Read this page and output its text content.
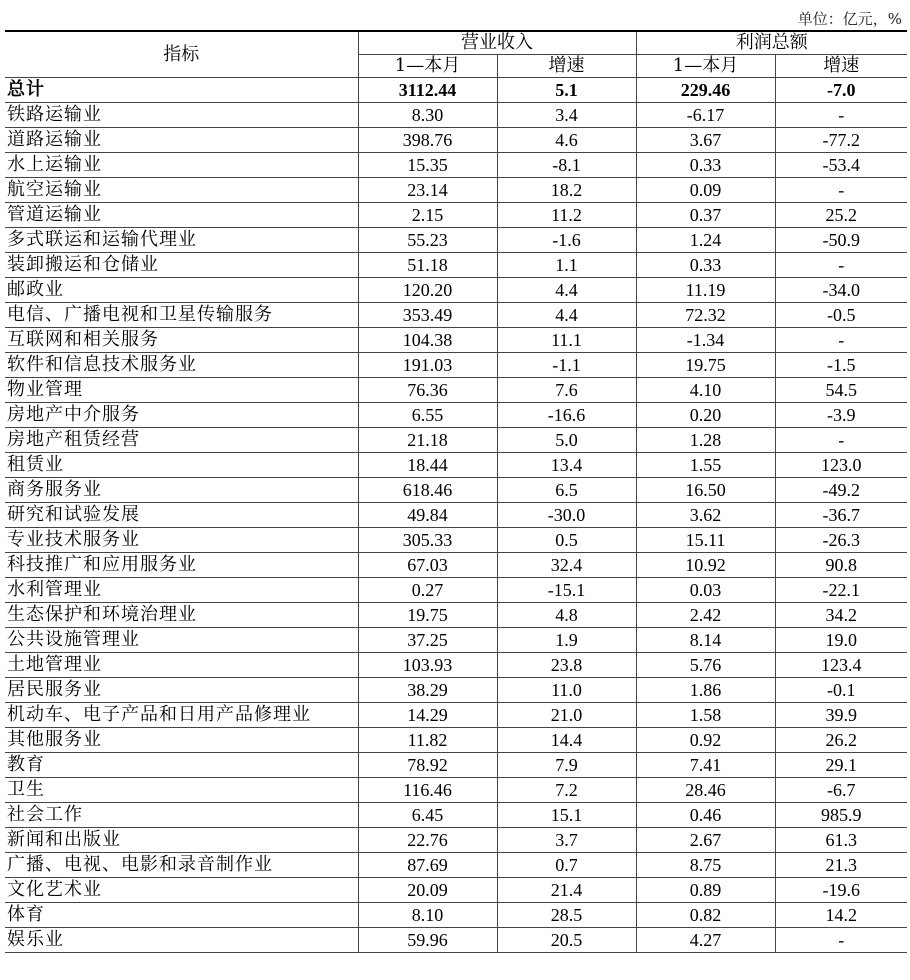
单位：亿元，%
指标	营业收入		利润总额	
	1—本月	增速	1—本月	增速
总计	3112.44	5.1	229.46	-7.0
铁路运输业	8.30	3.4	-6.17	-
道路运输业	398.76	4.6	3.67	-77.2
水上运输业	15.35	-8.1	0.33	-53.4
航空运输业	23.14	18.2	0.09	-
管道运输业	2.15	11.2	0.37	25.2
多式联运和运输代理业	55.23	-1.6	1.24	-50.9
装卸搬运和仓储业	51.18	1.1	0.33	-
邮政业	120.20	4.4	11.19	-34.0
电信、广播电视和卫星传输服务	353.49	4.4	72.32	-0.5
互联网和相关服务	104.38	11.1	-1.34	-
软件和信息技术服务业	191.03	-1.1	19.75	-1.5
物业管理	76.36	7.6	4.10	54.5
房地产中介服务	6.55	-16.6	0.20	-3.9
房地产租赁经营	21.18	5.0	1.28	-
租赁业	18.44	13.4	1.55	123.0
商务服务业	618.46	6.5	16.50	-49.2
研究和试验发展	49.84	-30.0	3.62	-36.7
专业技术服务业	305.33	0.5	15.11	-26.3
科技推广和应用服务业	67.03	32.4	10.92	90.8
水利管理业	0.27	-15.1	0.03	-22.1
生态保护和环境治理业	19.75	4.8	2.42	34.2
公共设施管理业	37.25	1.9	8.14	19.0
土地管理业	103.93	23.8	5.76	123.4
居民服务业	38.29	11.0	1.86	-0.1
机动车、电子产品和日用产品修理业	14.29	21.0	1.58	39.9
其他服务业	11.82	14.4	0.92	26.2
教育	78.92	7.9	7.41	29.1
卫生	116.46	7.2	28.46	-6.7
社会工作	6.45	15.1	0.46	985.9
新闻和出版业	22.76	3.7	2.67	61.3
广播、电视、电影和录音制作业	87.69	0.7	8.75	21.3
文化艺术业	20.09	21.4	0.89	-19.6
体育	8.10	28.5	0.82	14.2
娱乐业	59.96	20.5	4.27	-
